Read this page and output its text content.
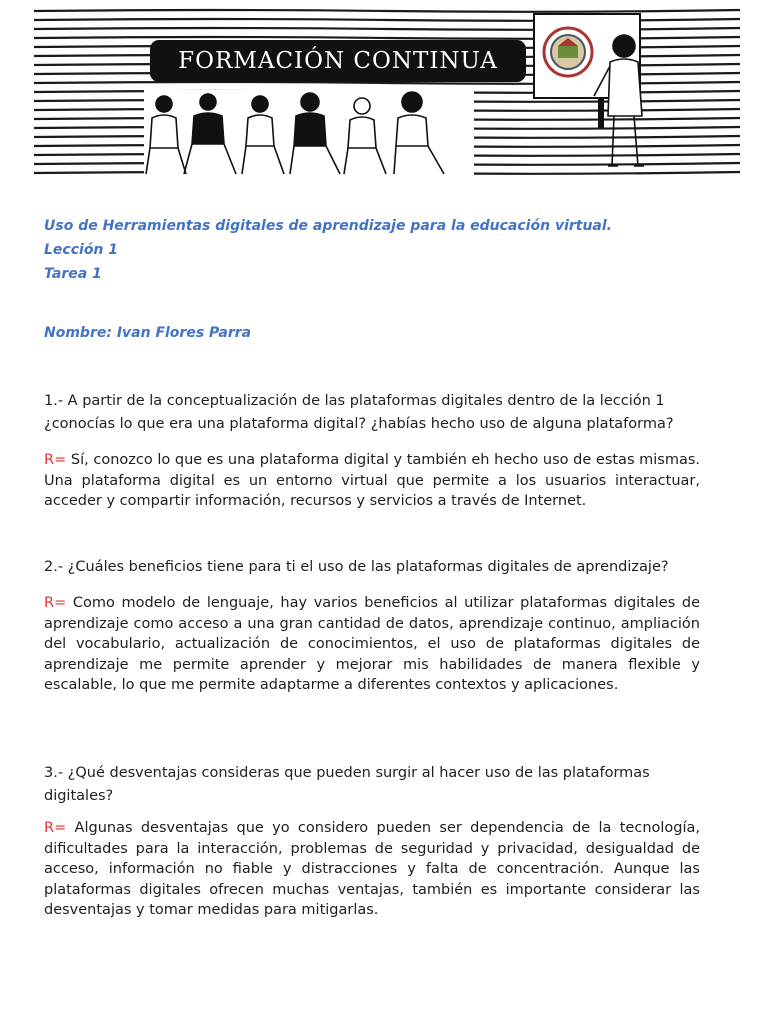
FORMACIÓN CONTINUA
Uso de Herramientas digitales de aprendizaje para la educación virtual.
Lección 1
Tarea 1
Nombre: Ivan Flores Parra
1.- A partir de la conceptualización de las plataformas digitales dentro de la lección 1
¿conocías lo que era una plataforma digital? ¿habías hecho uso de alguna plataforma?
R= Sí, conozco lo que es una plataforma digital y también eh hecho uso de estas mismas. Una plataforma digital es un entorno virtual que permite a los usuarios interactuar, acceder y compartir información, recursos y servicios a través de Internet.
2.- ¿Cuáles beneficios tiene para ti el uso de las plataformas digitales de aprendizaje?
R= Como modelo de lenguaje, hay varios beneficios al utilizar plataformas digitales de aprendizaje como acceso a una gran cantidad de datos, aprendizaje continuo, ampliación del vocabulario, actualización de conocimientos, el uso de plataformas digitales de aprendizaje me permite aprender y mejorar mis habilidades de manera flexible y escalable, lo que me permite adaptarme a diferentes contextos y aplicaciones.
3.- ¿Qué desventajas consideras que pueden surgir al hacer uso de las plataformas
digitales?
R= Algunas desventajas que yo considero pueden ser dependencia de la tecnología, dificultades para la interacción, problemas de seguridad y privacidad, desigualdad de acceso, información no fiable y distracciones y falta de concentración. Aunque las plataformas digitales ofrecen muchas ventajas, también es importante considerar las desventajas y tomar medidas para mitigarlas.
